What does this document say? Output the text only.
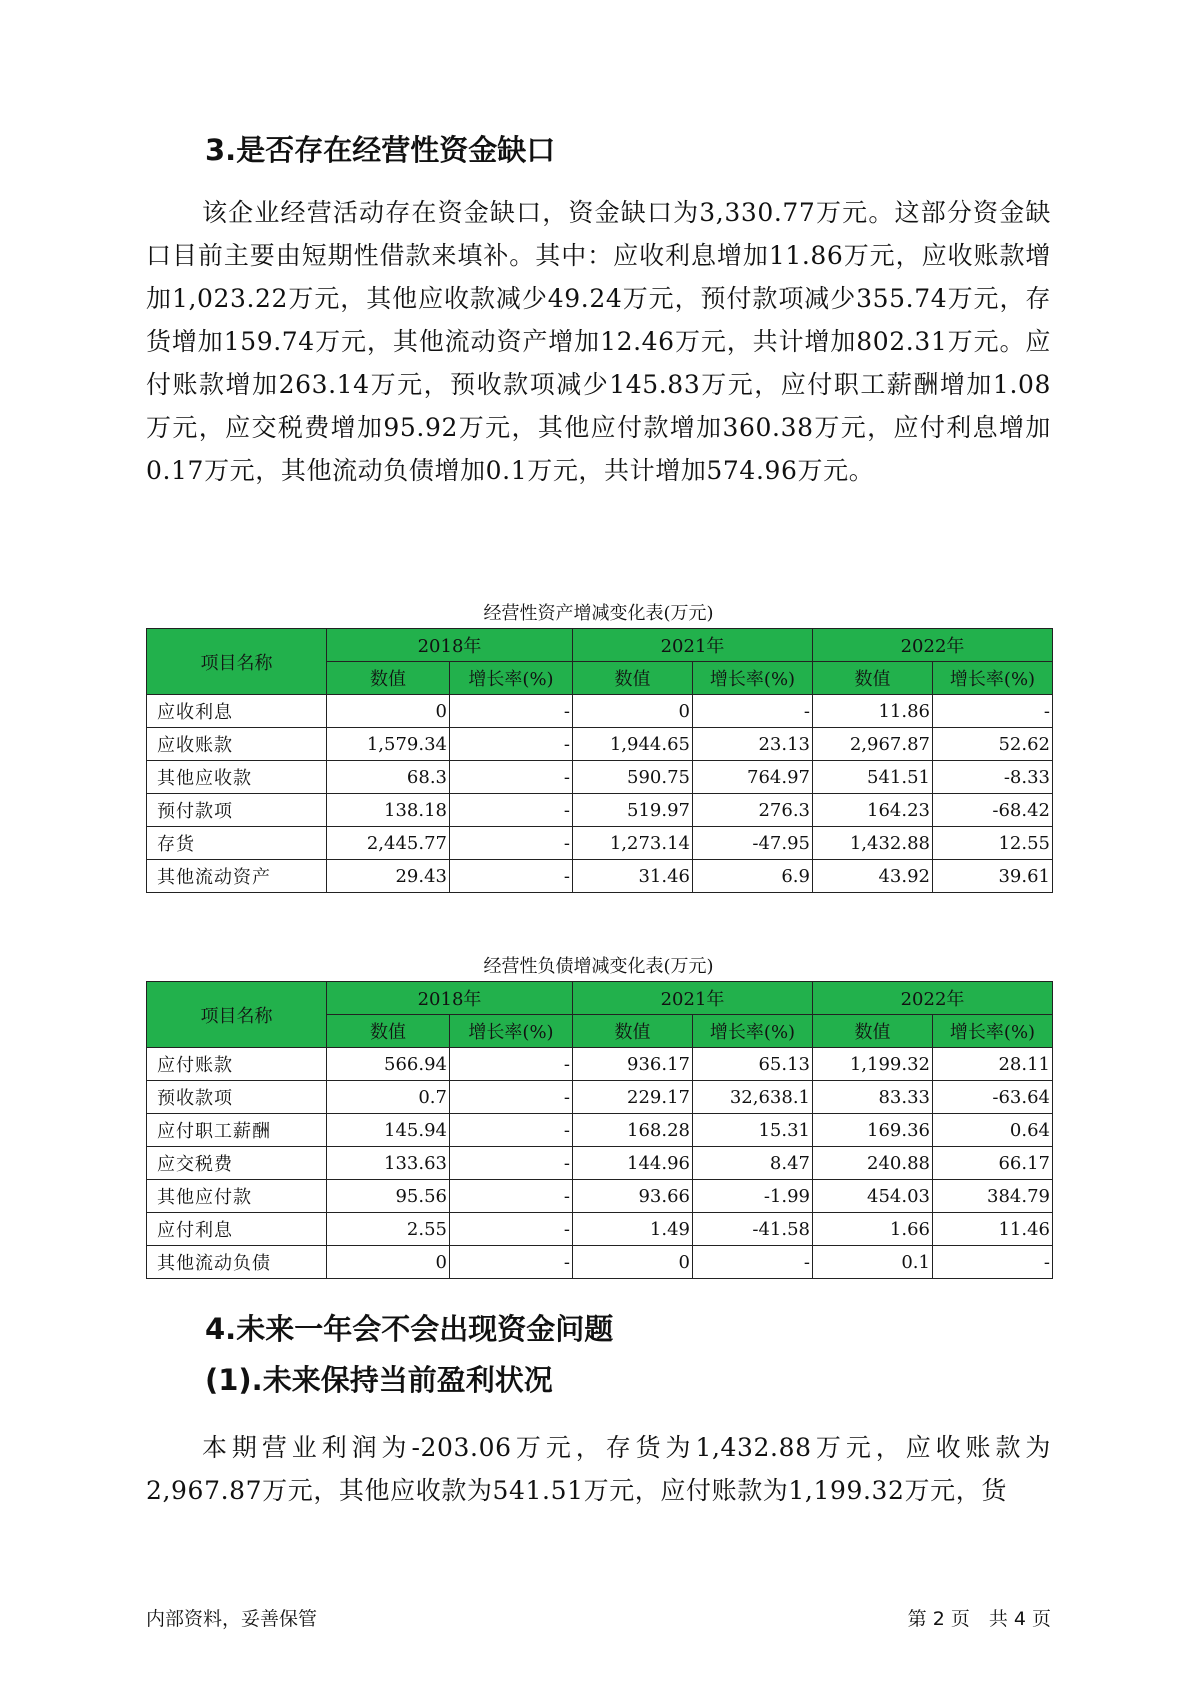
3.是否存在经营性资金缺口

该企业经营活动存在资金缺口，资金缺口为3,330.77万元。这部分资金缺口目前主要由短期性借款来填补。其中：应收利息增加11.86万元，应收账款增加1,023.22万元，其他应收款减少49.24万元，预付款项减少355.74万元，存货增加159.74万元，其他流动资产增加12.46万元，共计增加802.31万元。应付账款增加263.14万元，预收款项减少145.83万元，应付职工薪酬增加1.08万元，应交税费增加95.92万元，其他应付款增加360.38万元，应付利息增加0.17万元，其他流动负债增加0.1万元，共计增加574.96万元。

经营性资产增减变化表(万元)
项目名称	2018年		2021年		2022年	
	数值	增长率(%)	数值	增长率(%)	数值	增长率(%)
应收利息	0	-	0	-	11.86	-
应收账款	1,579.34	-	1,944.65	23.13	2,967.87	52.62
其他应收款	68.3	-	590.75	764.97	541.51	-8.33
预付款项	138.18	-	519.97	276.3	164.23	-68.42
存货	2,445.77	-	1,273.14	-47.95	1,432.88	12.55
其他流动资产	29.43	-	31.46	6.9	43.92	39.61
经营性负债增减变化表(万元)
项目名称	2018年		2021年		2022年	
	数值	增长率(%)	数值	增长率(%)	数值	增长率(%)
应付账款	566.94	-	936.17	65.13	1,199.32	28.11
预收款项	0.7	-	229.17	32,638.1	83.33	-63.64
应付职工薪酬	145.94	-	168.28	15.31	169.36	0.64
应交税费	133.63	-	144.96	8.47	240.88	66.17
其他应付款	95.56	-	93.66	-1.99	454.03	384.79
应付利息	2.55	-	1.49	-41.58	1.66	11.46
其他流动负债	0	-	0	-	0.1	-
4.未来一年会不会出现资金问题
(1).未来保持当前盈利状况

本期营业利润为-203.06万元，存货为1,432.88万元，应收账款为2,967.87万元，其他应收款为541.51万元，应付账款为1,199.32万元，货

内部资料，妥善保管	第 2 页　共 4 页
